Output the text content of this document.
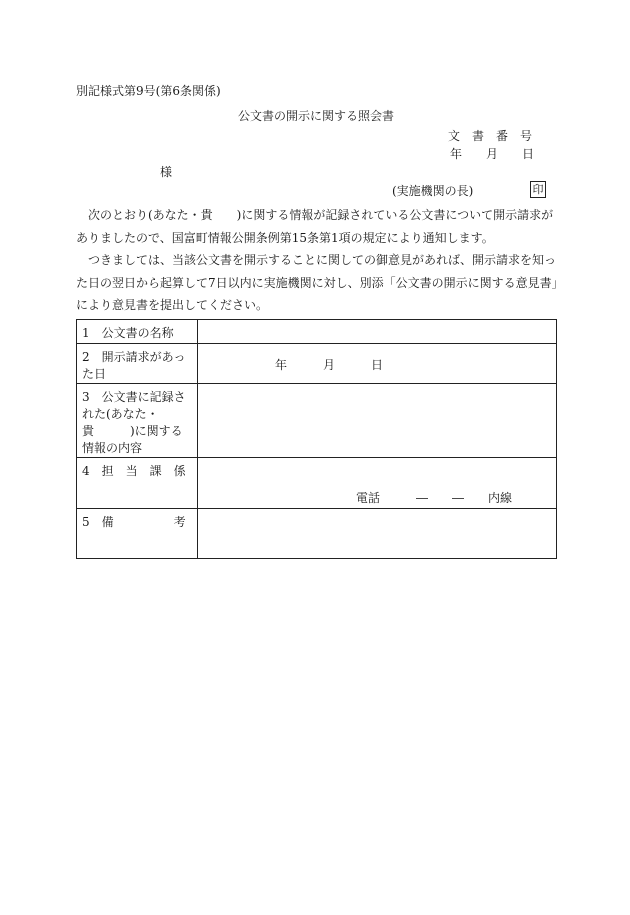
別記様式第9号(第6条関係)
公文書の開示に関する照会書
文　書　番　号
年　　月　　日
様
(実施機関の長)	印
　次のとおり(あなた・貴　　)に関する情報が記録されている公文書について開示請求がありましたので、国富町情報公開条例第15条第1項の規定により通知します。
　つきましては、当該公文書を開示することに関しての御意見があれば、開示請求を知った日の翌日から起算して7日以内に実施機関に対し、別添「公文書の開示に関する意見書」により意見書を提出してください。
1　公文書の名称	

2　開示請求があった日	年　　　月　　　日

3　公文書に記録された(あなた・貴　　　)に関する情報の内容	

4　担　当　課　係	電話　　　―　　―　　内線

5　備　　　　　考	
